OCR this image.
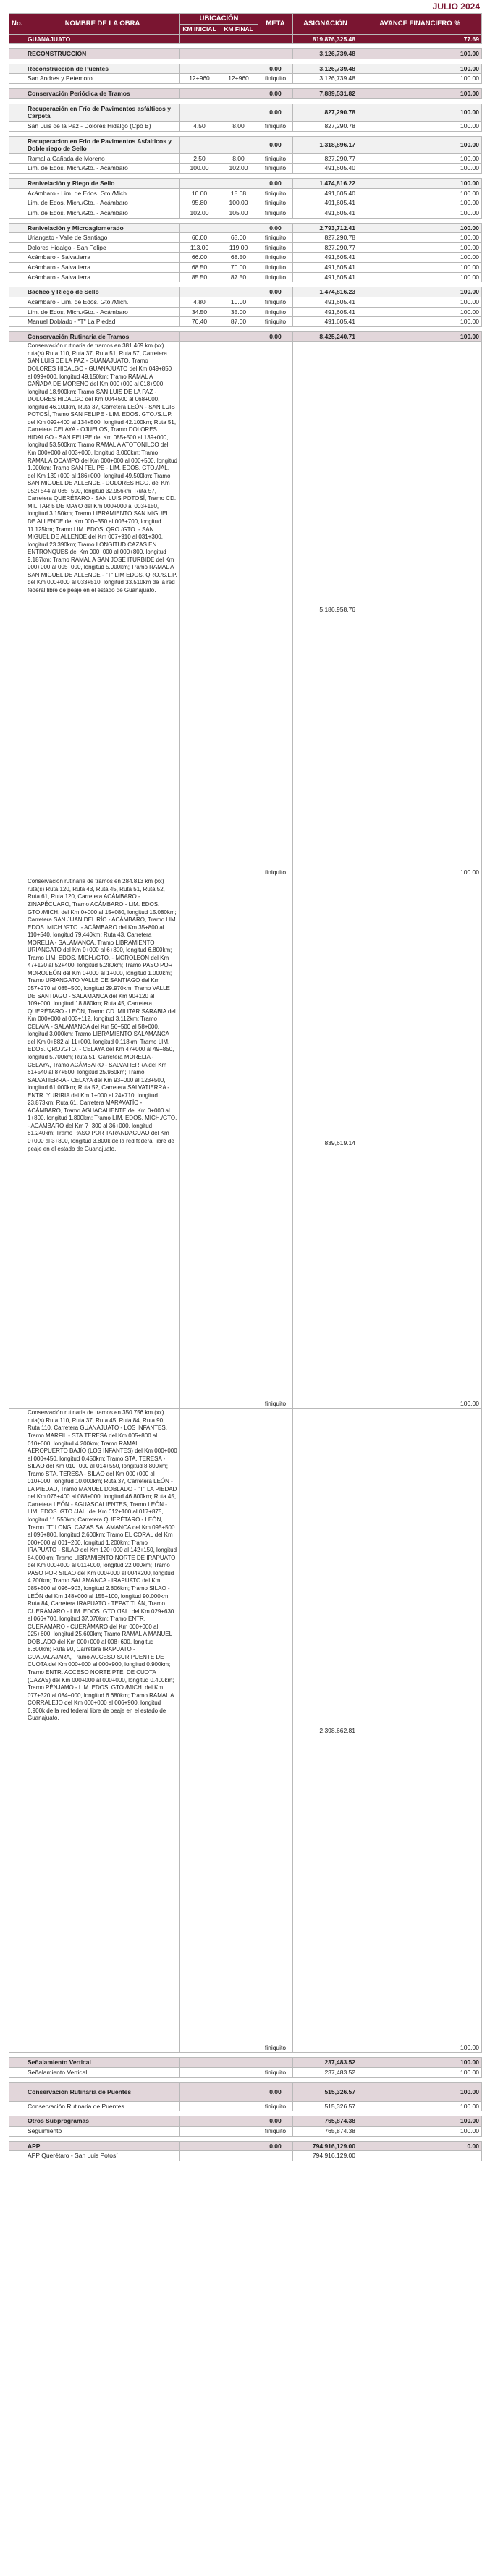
JULIO 2024
No.	NOMBRE DE LA OBRA	UBICACIÓN		META	ASIGNACIÓN	AVANCE FINANCIERO %
		KM INICIAL	KM FINAL			
	GUANAJUATO				819,876,325.48	77.69

	RECONSTRUCCIÓN				3,126,739.48	100.00

	Reconstrucción de Puentes			0.00	3,126,739.48	100.00
	San Andres y Petemoro	12+960	12+960	finiquito	3,126,739.48	100.00

	Conservación Periódica de Tramos			0.00	7,889,531.82	100.00

	Recuperación en Frío de Pavimentos asfálticos y Carpeta			0.00	827,290.78	100.00
	San Luis de la Paz - Dolores Hidalgo (Cpo B)	4.50	8.00	finiquito	827,290.78	100.00

	Recuperacion en Frio de Pavimentos Asfalticos y Doble riego de Sello			0.00	1,318,896.17	100.00
	Ramal a Cañada de Moreno	2.50	8.00	finiquito	827,290.77	100.00
	Lim. de Edos. Mich./Gto. - Acámbaro	100.00	102.00	finiquito	491,605.40	100.00

	Renivelación y Riego de Sello			0.00	1,474,816.22	100.00
	Acámbaro - Lim. de Edos. Gto./Mich.	10.00	15.08	finiquito	491,605.40	100.00
	Lim. de Edos. Mich./Gto. - Acámbaro	95.80	100.00	finiquito	491,605.41	100.00
	Lim. de Edos. Mich./Gto. - Acámbaro	102.00	105.00	finiquito	491,605.41	100.00

	Renivelación y Microaglomerado			0.00	2,793,712.41	100.00
	Uriangato - Valle de Santiago	60.00	63.00	finiquito	827,290.78	100.00
	Dolores Hidalgo - San Felipe	113.00	119.00	finiquito	827,290.77	100.00
	Acámbaro - Salvatierra	66.00	68.50	finiquito	491,605.41	100.00
	Acámbaro - Salvatierra	68.50	70.00	finiquito	491,605.41	100.00
	Acámbaro - Salvatierra	85.50	87.50	finiquito	491,605.41	100.00

	Bacheo y Riego de Sello			0.00	1,474,816.23	100.00
	Acámbaro - Lim. de Edos. Gto./Mich.	4.80	10.00	finiquito	491,605.41	100.00
	Lim. de Edos. Mich./Gto. - Acámbaro	34.50	35.00	finiquito	491,605.41	100.00
	Manuel Doblado - "T" La Piedad	76.40	87.00	finiquito	491,605.41	100.00

	Conservación Rutinaria de Tramos			0.00	8,425,240.71	100.00
	Conservación rutinaria de tramos en 381.469 km (xx) ruta(s) Ruta 110, Ruta 37, Ruta 51, Ruta 57, Carretera SAN LUIS DE LA PAZ - GUANAJUATO, Tramo DOLORES HIDALGO - GUANAJUATO del Km 049+850 al 099+000, longitud 49.150km; Tramo RAMAL A CAÑADA DE MORENO del Km 000+000 al 018+900, longitud 18.900km; Tramo SAN LUIS DE LA PAZ - DOLORES HIDALGO del Km 004+500 al 068+000, longitud 46.100km, Ruta 37, Carretera LEÓN - SAN LUIS POTOSÍ, Tramo SAN FELIPE - LIM. EDOS. GTO./S.L.P. del Km 092+400 al 134+500, longitud 42.100km; Ruta 51, Carretera CELAYA - OJUELOS, Tramo DOLORES HIDALGO - SAN FELIPE del Km 085+500 al 139+000, longitud 53.500km; Tramo RAMAL A ATOTONILCO del Km 000+000 al 003+000, longitud 3.000km; Tramo RAMAL A OCAMPO del Km 000+000 al 000+500, longitud 1.000km; Tramo SAN FELIPE - LIM. EDOS. GTO./JAL. del Km 139+000 al 186+000, longitud 49.500km; Tramo SAN MIGUEL DE ALLENDE - DOLORES HGO. del Km 052+544 al 085+500, longitud 32.956km; Ruta 57, Carretera QUERÉTARO - SAN LUIS POTOSÍ, Tramo CD. MILITAR 5 DE MAYO del Km 000+000 al 003+150, longitud 3.150km; Tramo LIBRAMIENTO SAN MIGUEL DE ALLENDE del Km 000+350 al 003+700, longitud 11.125km; Tramo LIM. EDOS. QRO./GTO. - SAN MIGUEL DE ALLENDE del Km 007+910 al 031+300, longitud 23.390km; Tramo LONGITUD CAZAS EN ENTRONQUES del Km 000+000 al 000+800, longitud 9.187km; Tramo RAMAL A SAN JOSÉ ITURBIDE del Km 000+000 al 005+000, longitud 5.000km; Tramo RAMAL A SAN MIGUEL DE ALLENDE - "T" LIM EDOS. QRO./S.L.P. del Km 000+000 al 033+510, longitud 33.510km de la red federal libre de peaje en el estado de Guanajuato.			finiquito	5,186,958.76	100.00
	Conservación rutinaria de tramos en 284.813 km (xx) ruta(s) Ruta 120, Ruta 43, Ruta 45, Ruta 51, Ruta 52, Ruta 61, Ruta 120, Carretera ACÁMBARO - ZINAPÉCUARO, Tramo ACÁMBARO - LIM. EDOS. GTO./MICH. del Km 0+000 al 15+080, longitud 15.080km; Carretera SAN JUAN DEL RÍO - ACÁMBARO, Tramo LIM. EDOS. MICH./GTO. - ACÁMBARO del Km 35+800 al 110+540, longitud 79.440km; Ruta 43, Carretera MORELIA - SALAMANCA, Tramo LIBRAMIENTO URIANGATO del Km 0+000 al 6+800, longitud 6.800km; Tramo LIM. EDOS. MICH./GTO. - MOROLEÓN del Km 47+120 al 52+400, longitud 5.280km; Tramo PASO POR MOROLEÓN del Km 0+000 al 1+000, longitud 1.000km; Tramo URIANGATO VALLE DE SANTIAGO del Km 057+270 al 085+500, longitud 29.970km; Tramo VALLE DE SANTIAGO - SALAMANCA del Km 90+120 al 109+000, longitud 18.880km; Ruta 45, Carretera QUERÉTARO - LEÓN, Tramo CD. MILITAR SARABIA del Km 000+000 al 003+112, longitud 3.112km; Tramo CELAYA - SALAMANCA del Km 56+500 al 58+000, longitud 3.000km; Tramo LIBRAMIENTO SALAMANCA del Km 0+882 al 11+000, longitud 0.118km; Tramo LIM. EDOS. QRO./GTO. - CELAYA del Km 47+000 al 49+850, longitud 5.700km; Ruta 51, Carretera MORELIA - CELAYA, Tramo ACÁMBARO - SALVATIERRA del Km 61+540 al 87+500, longitud 25.960km; Tramo SALVATIERRA - CELAYA del Km 93+000 al 123+500, longitud 61.000km; Ruta 52, Carretera SALVATIERRA - ENTR. YURIRIA del Km 1+000 al 24+710, longitud 23.873km; Ruta 61, Carretera MARAVATÍO - ACÁMBARO, Tramo AGUACALIENTE del Km 0+000 al 1+800, longitud 1.800km; Tramo LIM. EDOS. MICH./GTO. - ACÁMBARO del Km 7+300 al 36+000, longitud 81.240km; Tramo PASO POR TARANDACUAO del Km 0+000 al 3+800, longitud 3.800k de la red federal libre de peaje en el estado de Guanajuato.			finiquito	839,619.14	100.00
	Conservación rutinaria de tramos en 350.756 km (xx) ruta(s) Ruta 110, Ruta 37, Ruta 45, Ruta 84, Ruta 90, Ruta 110, Carretera GUANAJUATO - LOS INFANTES, Tramo MARFIL - STA.TERESA del Km 005+800 al 010+000, longitud 4.200km; Tramo RAMAL AEROPUERTO BAJÍO (LOS INFANTES) del Km 000+000 al 000+450, longitud 0.450km; Tramo STA. TERESA - SILAO del Km 010+000 al 014+550, longitud 8.800km; Tramo STA. TERESA - SILAO del Km 000+000 al 010+000, longitud 10.000km; Ruta 37, Carretera LEÓN - LA PIEDAD, Tramo MANUEL DOBLADO - "T" LA PIEDAD del Km 076+400 al 088+000, longitud 46.800km; Ruta 45, Carretera LEÓN - AGUASCALIENTES, Tramo LEÓN - LIM. EDOS. GTO./JAL. del Km 012+100 al 017+875, longitud 11.550km; Carretera QUERÉTARO - LEÓN, Tramo "T" LONG. CAZAS SALAMANCA del Km 095+500 al 096+800, longitud 2.600km; Tramo EL CORAL del Km 000+000 al 001+200, longitud 1.200km; Tramo IRAPUATO - SILAO del Km 120+000 al 142+150, longitud 84.000km; Tramo LIBRAMIENTO NORTE DE IRAPUATO del Km 000+000 al 011+000, longitud 22.000km; Tramo PASO POR SILAO del Km 000+000 al 004+200, longitud 4.200km; Tramo SALAMANCA - IRAPUATO del Km 085+500 al 096+903, longitud 2.806km; Tramo SILAO - LEÓN del Km 148+000 al 155+100, longitud 90.000km; Ruta 84, Carretera IRAPUATO - TEPATITLÁN, Tramo CUERÁMARO - LIM. EDOS. GTO./JAL. del Km 029+630 al 066+700, longitud 37.070km; Tramo ENTR. CUERÁMARO - CUERÁMARO del Km 000+000 al 025+600, longitud 25.600km; Tramo RAMAL A MANUEL DOBLADO del Km 000+000 al 008+600, longitud 8.600km; Ruta 90, Carretera IRAPUATO - GUADALAJARA, Tramo ACCESO SUR PUENTE DE CUOTA del Km 000+000 al 000+900, longitud 0.900km; Tramo ENTR. ACCESO NORTE PTE. DE CUOTA (CAZAS) del Km 000+000 al 000+000, longitud 0.400km; Tramo PÉNJAMO - LIM. EDOS. GTO./MICH. del Km 077+320 al 084+000, longitud 6.680km; Tramo RAMAL A CORRALEJO del Km 000+000 al 006+900, longitud 6.900k de la red federal libre de peaje en el estado de Guanajuato.			finiquito	2,398,662.81	100.00

	Señalamiento Vertical				237,483.52	100.00
	Señalamiento Vertical			finiquito	237,483.52	100.00

	Conservación Rutinaria de Puentes			0.00	515,326.57	100.00
	Conservación Rutinaria de Puentes			finiquito	515,326.57	100.00

	Otros Subprogramas			0.00	765,874.38	100.00
	Seguimiento			finiquito	765,874.38	100.00

	APP			0.00	794,916,129.00	0.00
	APP Querétaro - San Luis Potosí				794,916,129.00	
